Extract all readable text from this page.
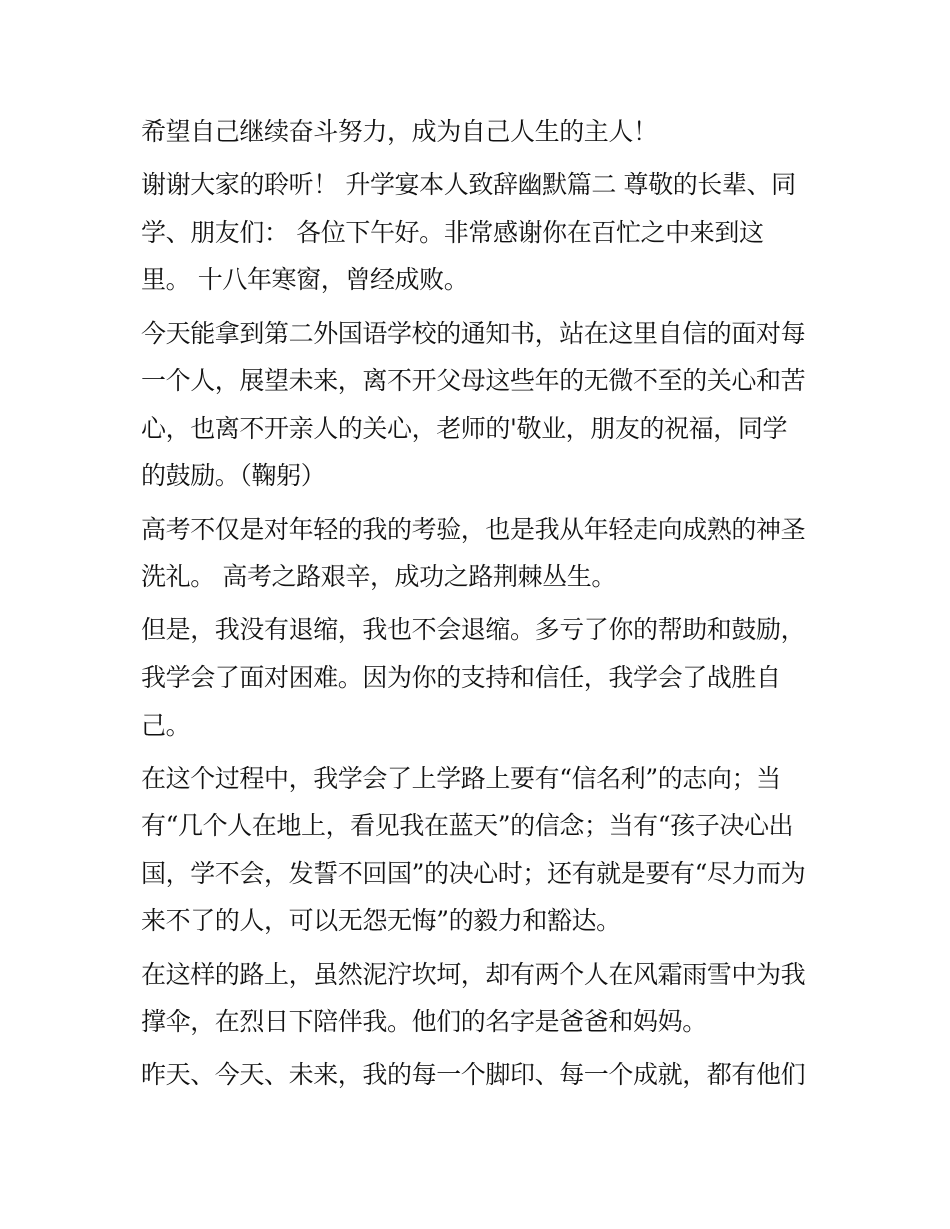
希望自己继续奋斗努力，成为自己人生的主人！
谢谢大家的聆听！ 升学宴本人致辞幽默篇二 尊敬的长辈、同
学、朋友们： 各位下午好。非常感谢你在百忙之中来到这
里。 十八年寒窗，曾经成败。
今天能拿到第二外国语学校的通知书，站在这里自信的面对每
一个人，展望未来，离不开父母这些年的无微不至的关心和苦
心，也离不开亲人的关心，老师的'敬业，朋友的祝福，同学
的鼓励。（鞠躬）
高考不仅是对年轻的我的考验，也是我从年轻走向成熟的神圣
洗礼。 高考之路艰辛，成功之路荆棘丛生。
但是，我没有退缩，我也不会退缩。多亏了你的帮助和鼓励，
我学会了面对困难。因为你的支持和信任，我学会了战胜自
己。
在这个过程中，我学会了上学路上要有“信名利”的志向；当
有“几个人在地上，看见我在蓝天”的信念；当有“孩子决心出
国，学不会，发誓不回国”的决心时；还有就是要有“尽力而为
来不了的人，可以无怨无悔”的毅力和豁达。
在这样的路上，虽然泥泞坎坷，却有两个人在风霜雨雪中为我
撑伞，在烈日下陪伴我。他们的名字是爸爸和妈妈。
昨天、今天、未来，我的每一个脚印、每一个成就，都有他们
